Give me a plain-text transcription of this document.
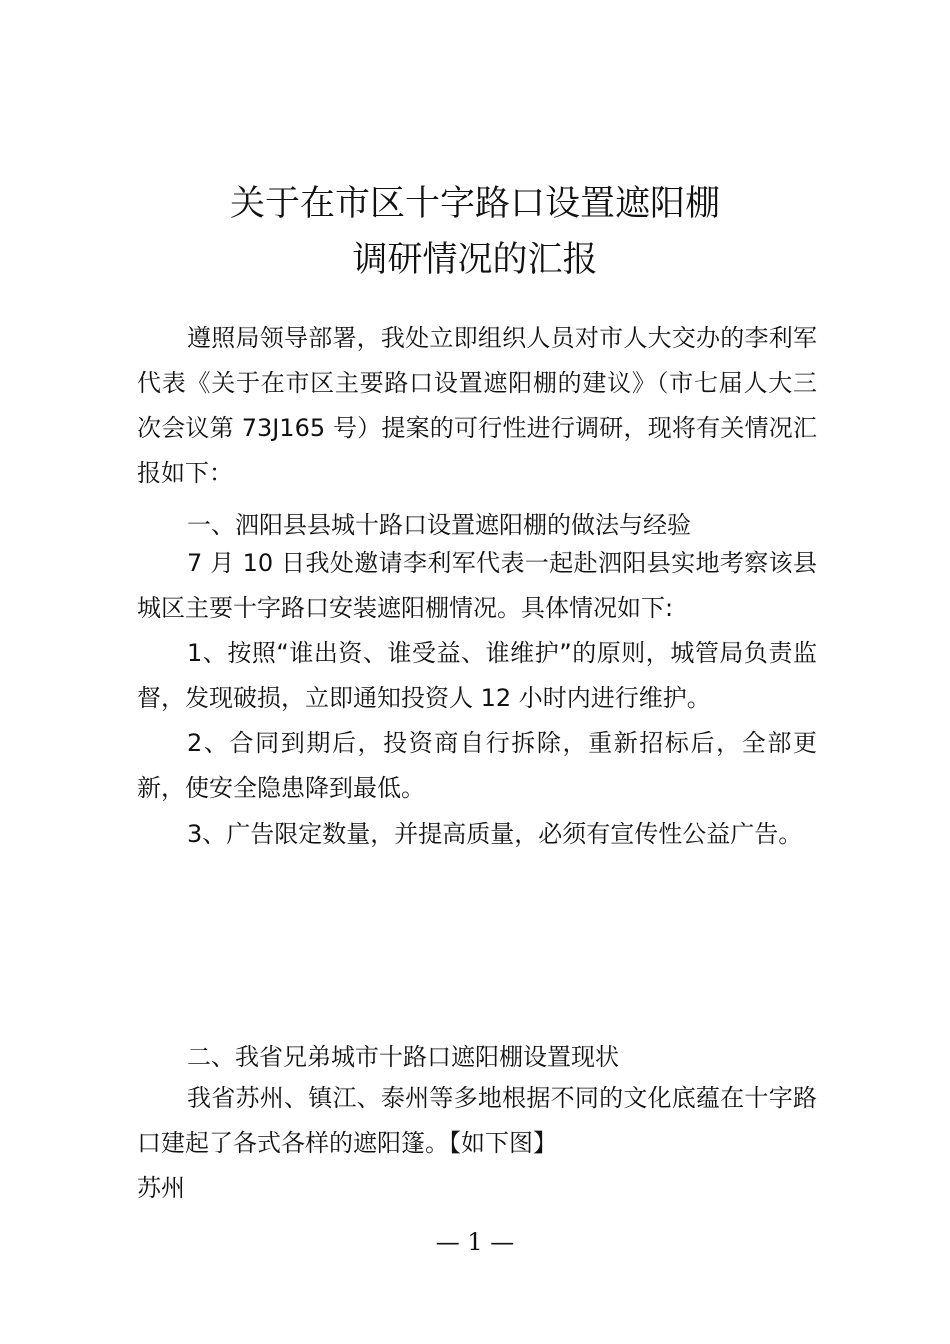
关于在市区十字路口设置遮阳棚
调研情况的汇报

遵照局领导部署，我处立即组织人员对市人大交办的李利军代表《关于在市区主要路口设置遮阳棚的建议》（市七届人大三次会议第 73J165 号）提案的可行性进行调研，现将有关情况汇报如下：

一、泗阳县县城十路口设置遮阳棚的做法与经验

7 月 10 日我处邀请李利军代表一起赴泗阳县实地考察该县城区主要十字路口安装遮阳棚情况。具体情况如下:

1、按照“谁出资、谁受益、谁维护”的原则，城管局负责监督，发现破损，立即通知投资人 12 小时内进行维护。

2、合同到期后，投资商自行拆除，重新招标后，全部更新，使安全隐患降到最低。

3、广告限定数量，并提高质量，必须有宣传性公益广告。

二、我省兄弟城市十路口遮阳棚设置现状

我省苏州、镇江、泰州等多地根据不同的文化底蕴在十字路口建起了各式各样的遮阳篷。【如下图】

苏州

— 1 —
